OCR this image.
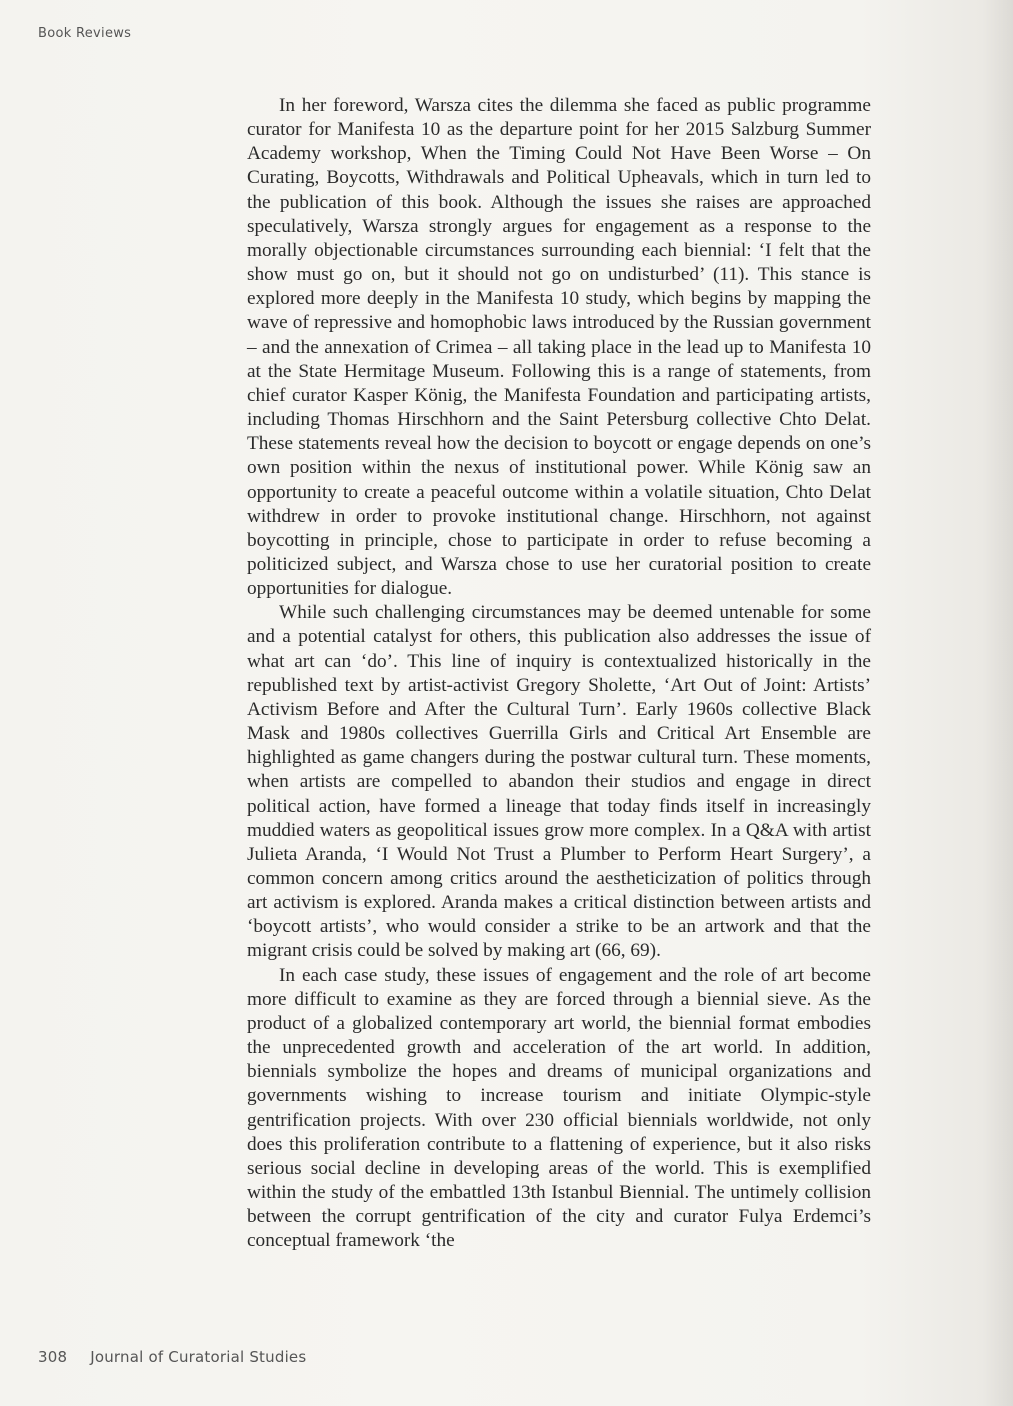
Book Reviews

In her foreword, Warsza cites the dilemma she faced as public programme curator for Manifesta 10 as the departure point for her 2015 Salzburg Summer Academy workshop, When the Timing Could Not Have Been Worse – On Curating, Boycotts, Withdrawals and Political Upheavals, which in turn led to the publication of this book. Although the issues she raises are approached speculatively, Warsza strongly argues for engagement as a response to the morally objectionable circumstances surrounding each biennial: ‘I felt that the show must go on, but it should not go on undisturbed’ (11). This stance is explored more deeply in the Manifesta 10 study, which begins by mapping the wave of repressive and homophobic laws introduced by the Russian government – and the annexation of Crimea – all taking place in the lead up to Manifesta 10 at the State Hermitage Museum. Following this is a range of statements, from chief curator Kasper König, the Manifesta Foundation and participating artists, including Thomas Hirschhorn and the Saint Petersburg collective Chto Delat. These statements reveal how the decision to boycott or engage depends on one’s own position within the nexus of institutional power. While König saw an opportunity to create a peaceful outcome within a volatile situation, Chto Delat withdrew in order to provoke institutional change. Hirschhorn, not against boycotting in principle, chose to participate in order to refuse becoming a politicized subject, and Warsza chose to use her curatorial position to create opportunities for dialogue.

While such challenging circumstances may be deemed untenable for some and a potential catalyst for others, this publication also addresses the issue of what art can ‘do’. This line of inquiry is contextualized historically in the republished text by artist-activist Gregory Sholette, ‘Art Out of Joint: Artists’ Activism Before and After the Cultural Turn’. Early 1960s collective Black Mask and 1980s collectives Guerrilla Girls and Critical Art Ensemble are highlighted as game changers during the postwar cultural turn. These moments, when artists are compelled to abandon their studios and engage in direct political action, have formed a lineage that today finds itself in increasingly muddied waters as geopolitical issues grow more complex. In a Q&A with artist Julieta Aranda, ‘I Would Not Trust a Plumber to Perform Heart Surgery’, a common concern among critics around the aestheticization of politics through art activism is explored. Aranda makes a critical distinction between artists and ‘boycott artists’, who would consider a strike to be an artwork and that the migrant crisis could be solved by making art (66, 69).

In each case study, these issues of engagement and the role of art become more difficult to examine as they are forced through a biennial sieve. As the product of a globalized contemporary art world, the biennial format embodies the unprecedented growth and acceleration of the art world. In addition, biennials symbolize the hopes and dreams of municipal organizations and governments wishing to increase tourism and initiate Olympic-style gentrification projects. With over 230 official biennials worldwide, not only does this proliferation contribute to a flattening of experience, but it also risks serious social decline in developing areas of the world. This is exemplified within the study of the embattled 13th Istanbul Biennial. The untimely collision between the corrupt gentrification of the city and curator Fulya Erdemci’s conceptual framework ‘the

308 Journal of Curatorial Studies
